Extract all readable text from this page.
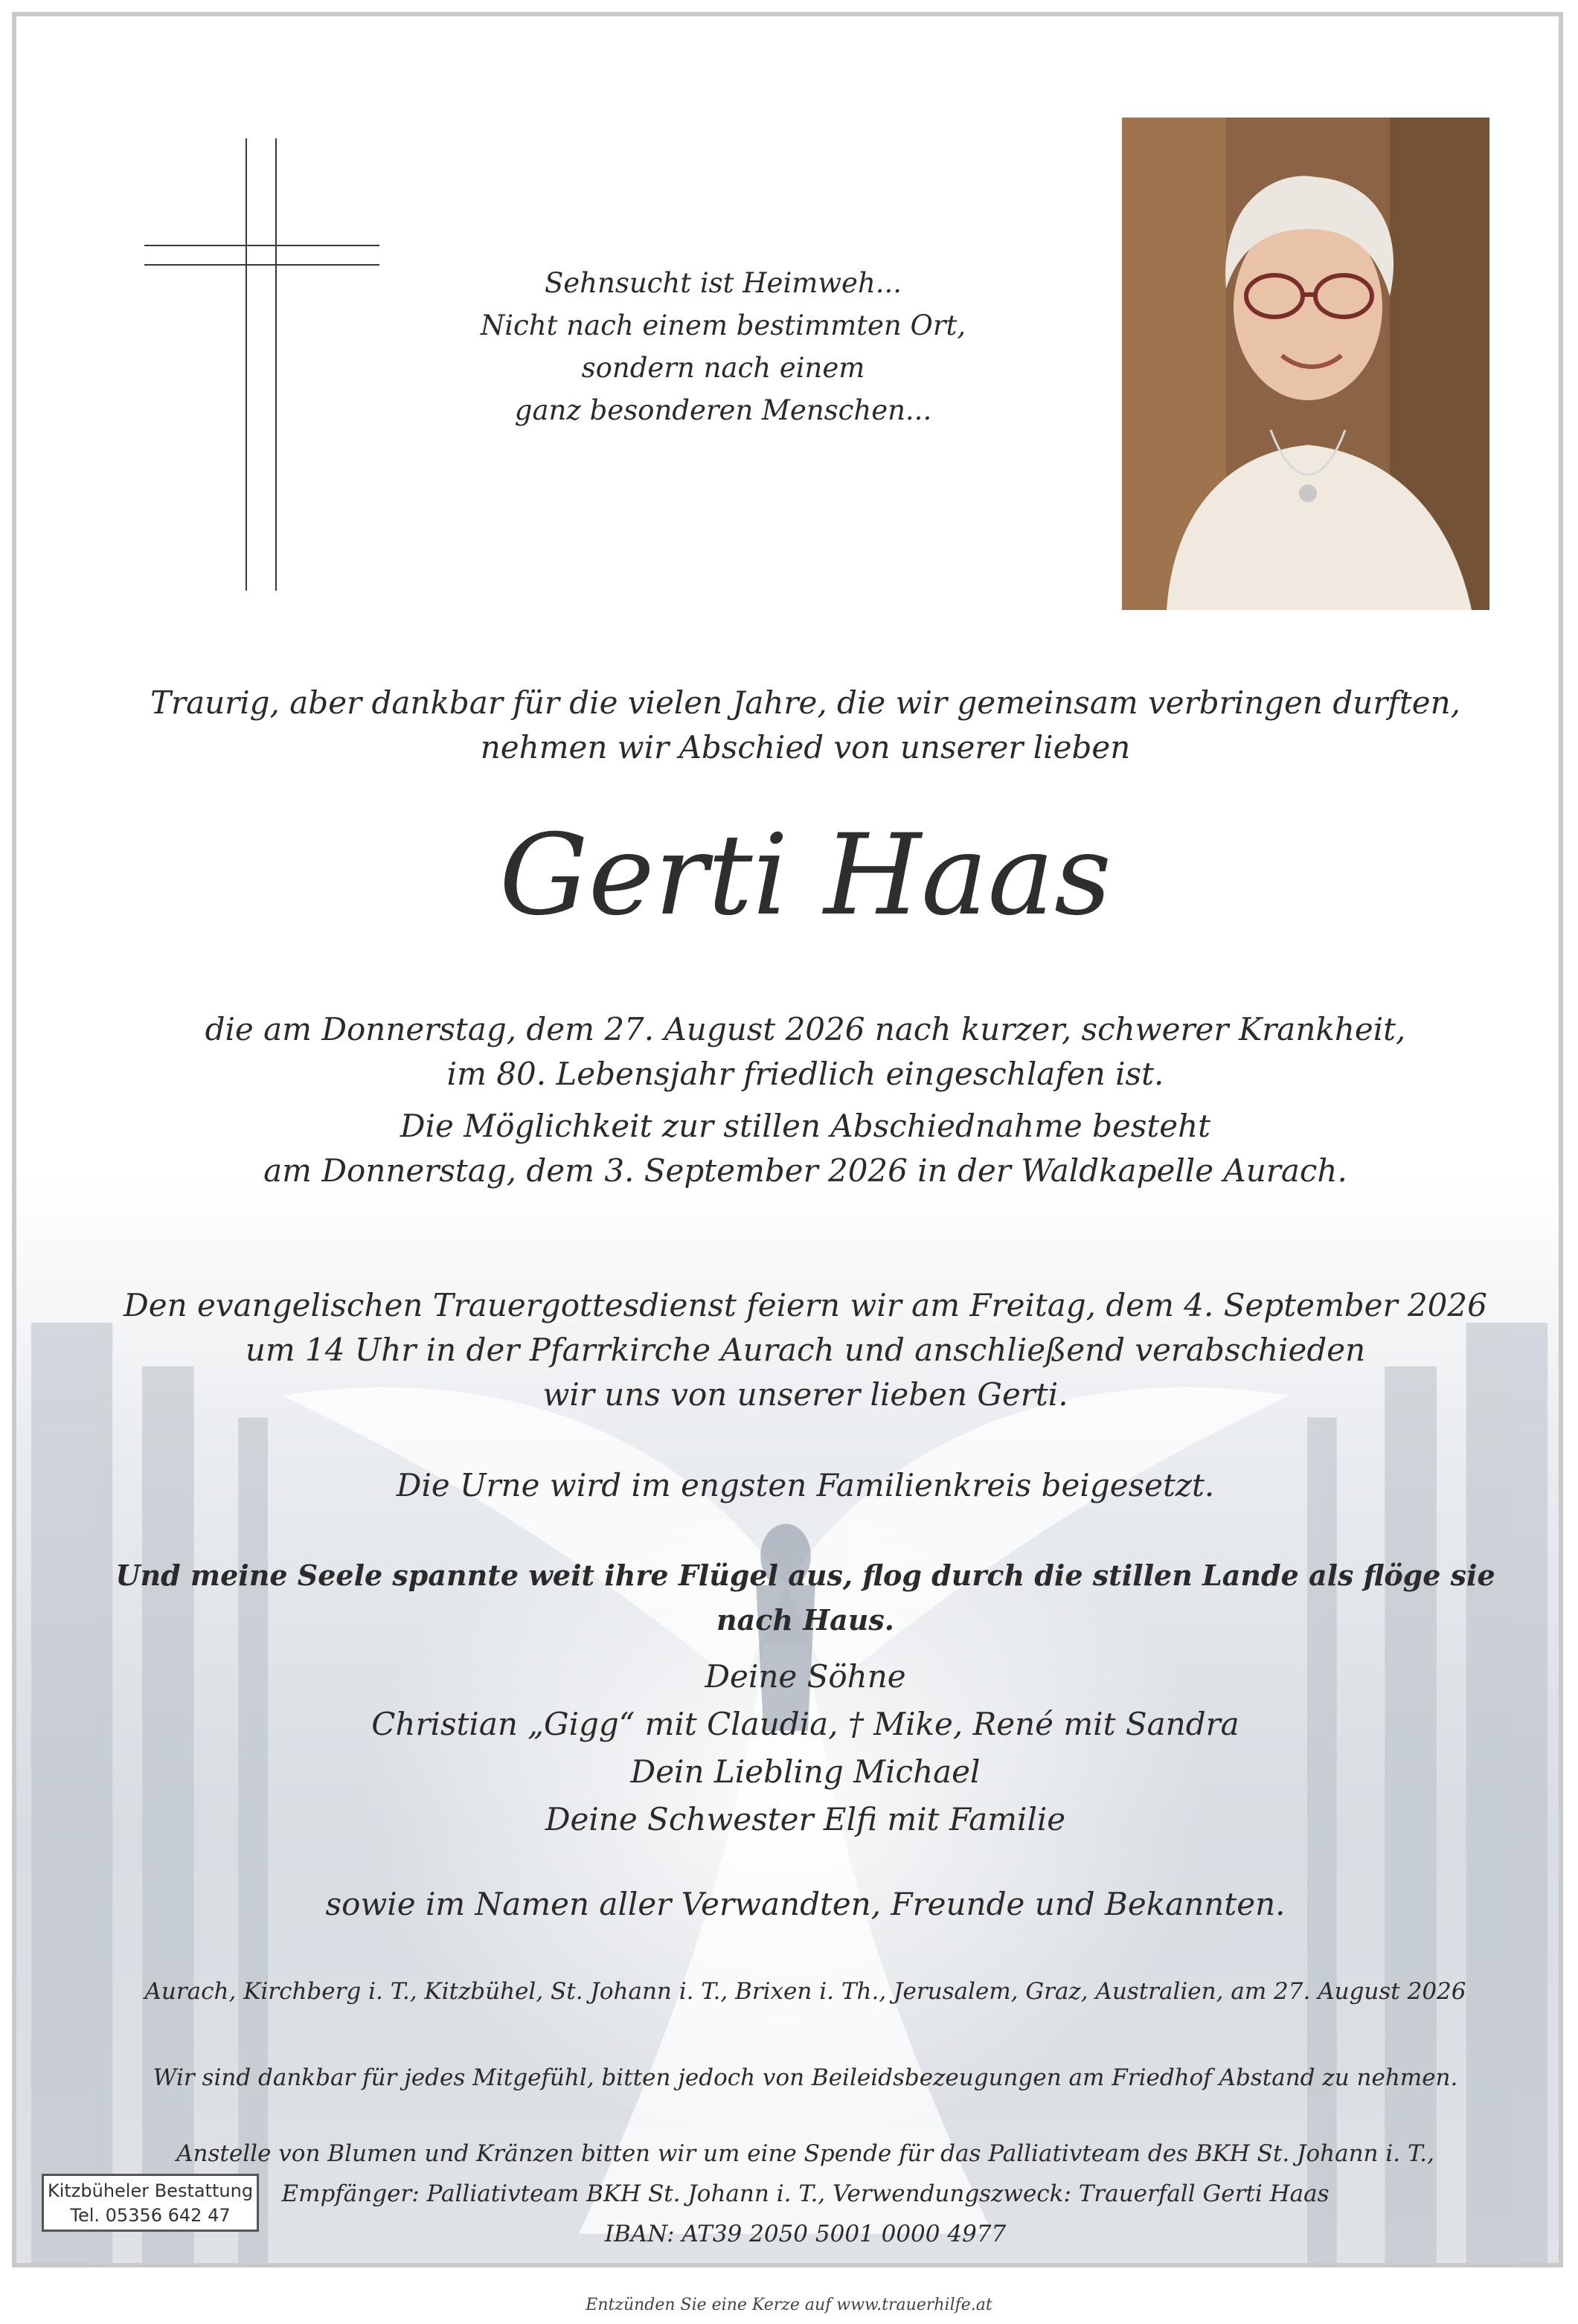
Sehnsucht ist Heimweh...
Nicht nach einem bestimmten Ort,
sondern nach einem
ganz besonderen Menschen...
Traurig, aber dankbar für die vielen Jahre, die wir gemeinsam verbringen durften,
nehmen wir Abschied von unserer lieben
Gerti Haas
die am Donnerstag, dem 27. August 2026 nach kurzer, schwerer Krankheit,
im 80. Lebensjahr friedlich eingeschlafen ist.
Die Möglichkeit zur stillen Abschiednahme besteht
am Donnerstag, dem 3. September 2026 in der Waldkapelle Aurach.
Den evangelischen Trauergottesdienst feiern wir am Freitag, dem 4. September 2026
um 14 Uhr in der Pfarrkirche Aurach und anschließend verabschieden
wir uns von unserer lieben Gerti.
Die Urne wird im engsten Familienkreis beigesetzt.
Und meine Seele spannte weit ihre Flügel aus, flog durch die stillen Lande als flöge sie nach Haus.
Deine Söhne
Christian „Gigg“ mit Claudia, † Mike, René mit Sandra
Dein Liebling Michael
Deine Schwester Elfi mit Familie
sowie im Namen aller Verwandten, Freunde und Bekannten.
Aurach, Kirchberg i. T., Kitzbühel, St. Johann i. T., Brixen i. Th., Jerusalem, Graz, Australien, am 27. August 2026
Wir sind dankbar für jedes Mitgefühl, bitten jedoch von Beileidsbezeugungen am Friedhof Abstand zu nehmen.
Anstelle von Blumen und Kränzen bitten wir um eine Spende für das Palliativteam des BKH St. Johann i. T.,
Empfänger: Palliativteam BKH St. Johann i. T., Verwendungszweck: Trauerfall Gerti Haas
IBAN: AT39 2050 5001 0000 4977
Kitzbüheler Bestattung
Tel. 05356 642 47
Entzünden Sie eine Kerze auf www.trauerhilfe.at
